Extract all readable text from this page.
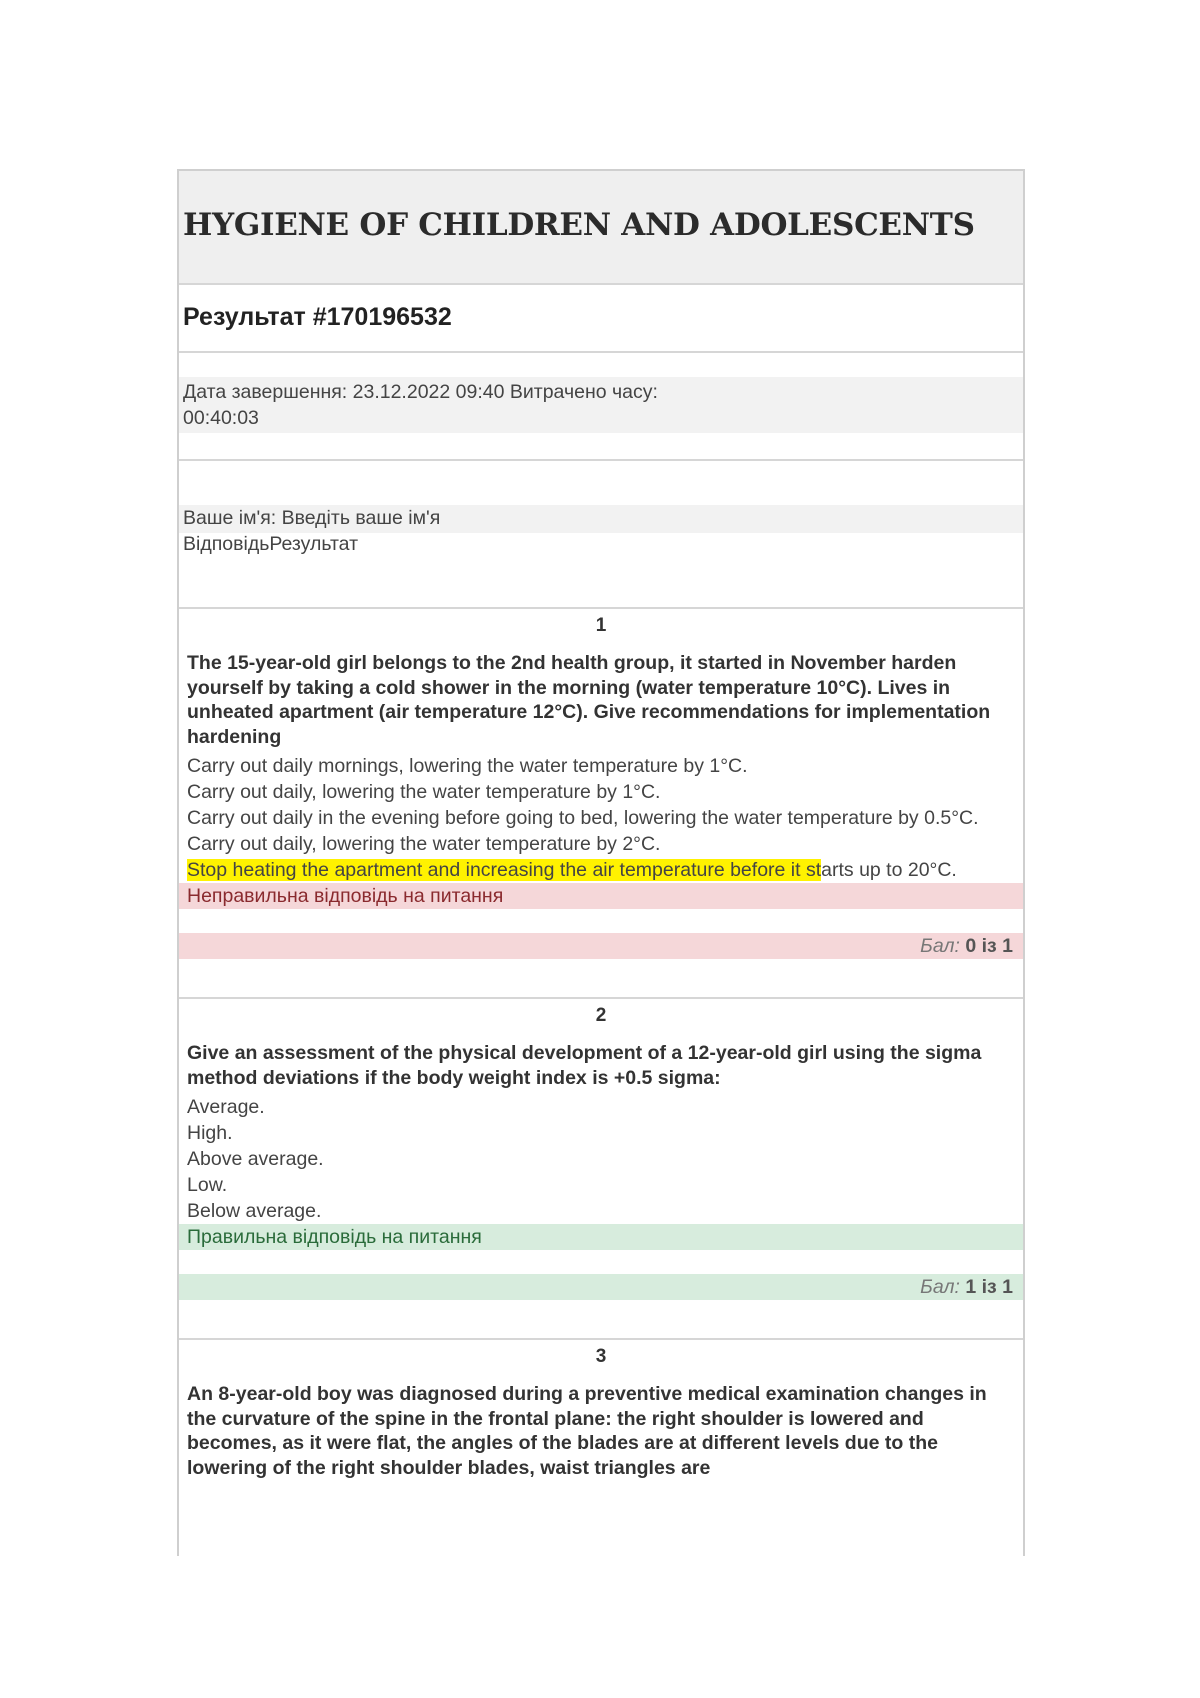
HYGIENE OF CHILDREN AND ADOLESCENTS
Результат #170196532
Дата завершення: 23.12.2022 09:40 Витрачено часу: 00:40:03
Ваше ім'я: Введіть ваше ім'я
ВідповідьРезультат
1
The 15-year-old girl belongs to the 2nd health group, it started in November harden yourself by taking a cold shower in the morning (water temperature 10°C). Lives in unheated apartment (air temperature 12°C). Give recommendations for implementation hardening
Carry out daily mornings, lowering the water temperature by 1°C.
Carry out daily, lowering the water temperature by 1°C.
Carry out daily in the evening before going to bed, lowering the water temperature by 0.5°C.
Carry out daily, lowering the water temperature by 2°C.
Stop heating the apartment and increasing the air temperature before it starts up to 20°C.
Неправильна відповідь на питання
Бал: 0 із 1
2
Give an assessment of the physical development of a 12-year-old girl using the sigma method deviations if the body weight index is +0.5 sigma:
Average.
High.
Above average.
Low.
Below average.
Правильна відповідь на питання
Бал: 1 із 1
3
An 8-year-old boy was diagnosed during a preventive medical examination changes in the curvature of the spine in the frontal plane: the right shoulder is lowered and becomes, as it were flat, the angles of the blades are at different levels due to the lowering of the right shoulder blades, waist triangles are
